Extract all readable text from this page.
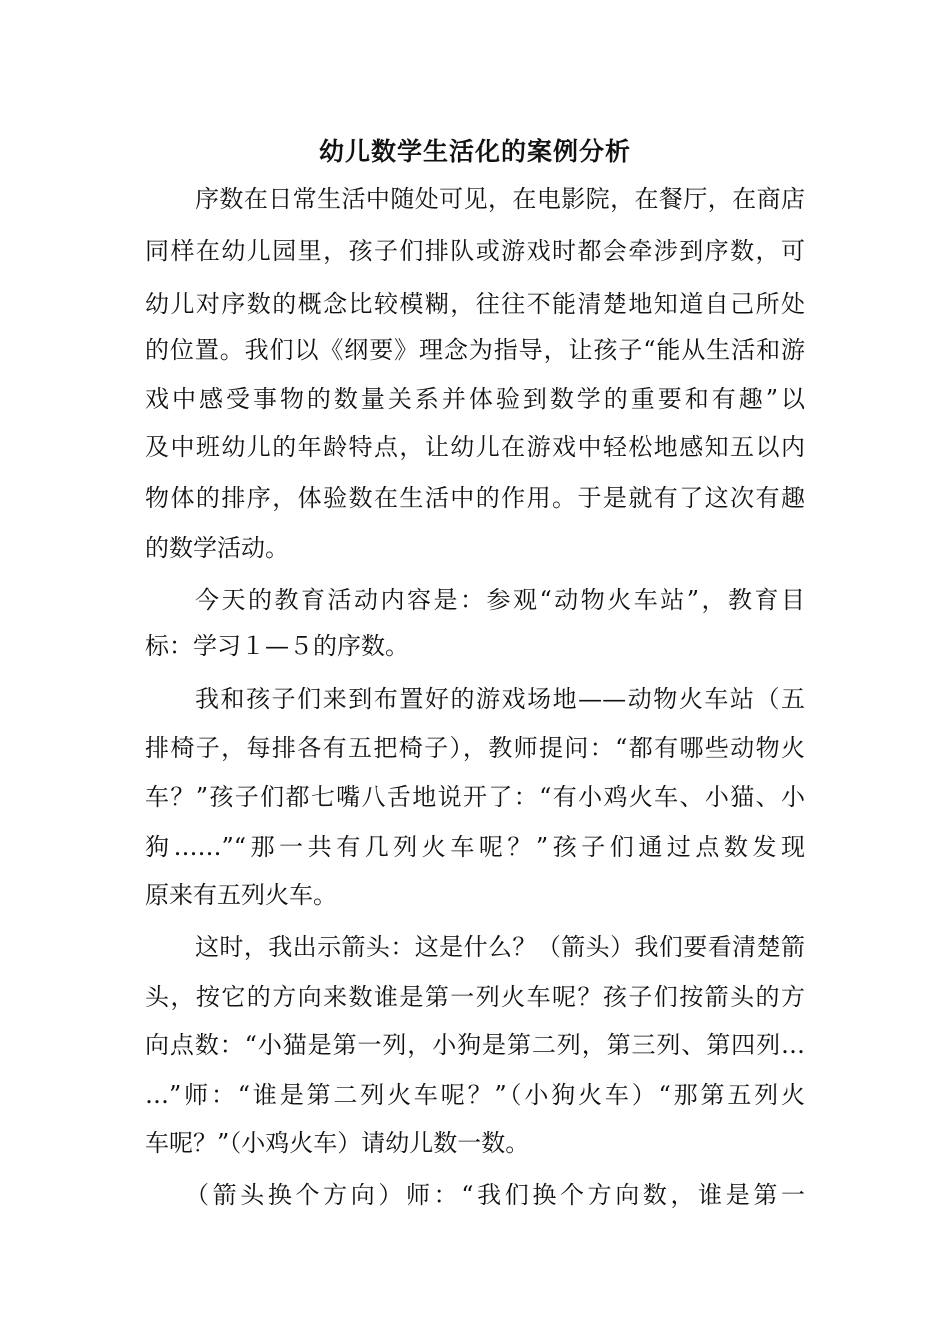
幼儿数学生活化的案例分析
序数在日常生活中随处可见，在电影院，在餐厅，在商店
同样在幼儿园里，孩子们排队或游戏时都会牵涉到序数，可
幼儿对序数的概念比较模糊，往往不能清楚地知道自己所处
的位置。我们以《纲要》理念为指导，让孩子“能从生活和游
戏中感受事物的数量关系并体验到数学的重要和有趣”以
及中班幼儿的年龄特点，让幼儿在游戏中轻松地感知五以内
物体的排序，体验数在生活中的作用。于是就有了这次有趣
的数学活动。
今天的教育活动内容是：参观“动物火车站”，教育目
标：学习１—５的序数。
我和孩子们来到布置好的游戏场地——动物火车站（五
排椅子，每排各有五把椅子），教师提问：“都有哪些动物火
车？”孩子们都七嘴八舌地说开了：“有小鸡火车、小猫、小
狗……”“那一共有几列火车呢？”孩子们通过点数发现
原来有五列火车。
这时，我出示箭头：这是什么？（箭头）我们要看清楚箭
头，按它的方向来数谁是第一列火车呢？孩子们按箭头的方
向点数：“小猫是第一列，小狗是第二列，第三列、第四列…
…”师：“谁是第二列火车呢？”（小狗火车）“那第五列火
车呢？”（小鸡火车）请幼儿数一数。
（箭头换个方向）师：“我们换个方向数，谁是第一
